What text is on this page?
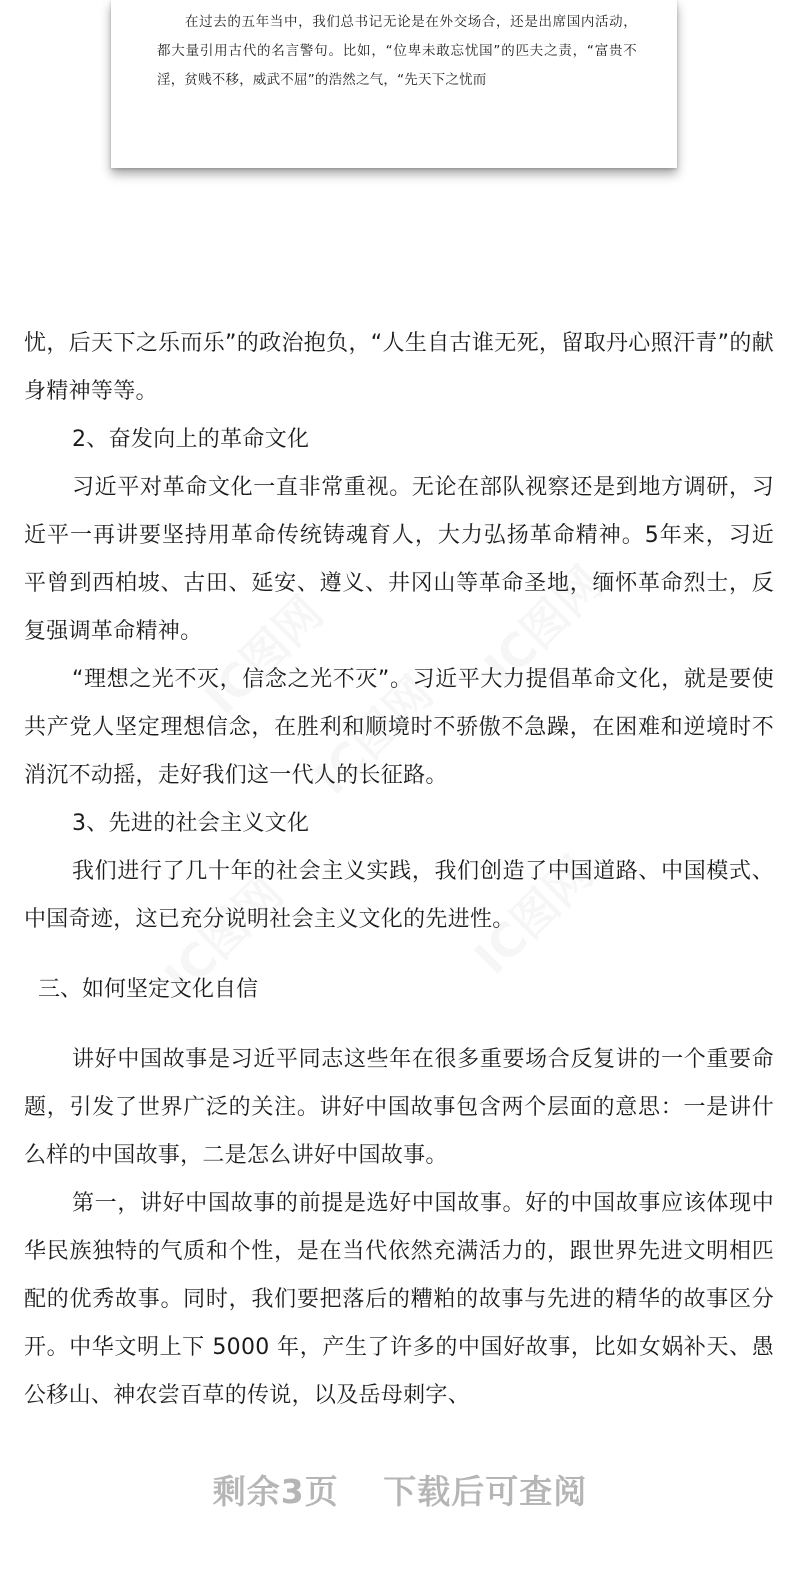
在过去的五年当中，我们总书记无论是在外交场合，还是出席国内活动，都大量引用古代的名言警句。比如，“位卑未敢忘忧国”的匹夫之责，“富贵不淫，贫贱不移，威武不屈”的浩然之气，“先天下之忧而

忧，后天下之乐而乐”的政治抱负，“人生自古谁无死，留取丹心照汗青”的献身精神等等。

2、奋发向上的革命文化

习近平对革命文化一直非常重视。无论在部队视察还是到地方调研，习近平一再讲要坚持用革命传统铸魂育人，大力弘扬革命精神。5年来，习近平曾到西柏坡、古田、延安、遵义、井冈山等革命圣地，缅怀革命烈士，反复强调革命精神。

“理想之光不灭，信念之光不灭”。习近平大力提倡革命文化，就是要使共产党人坚定理想信念，在胜利和顺境时不骄傲不急躁，在困难和逆境时不消沉不动摇，走好我们这一代人的长征路。

3、先进的社会主义文化

我们进行了几十年的社会主义实践，我们创造了中国道路、中国模式、中国奇迹，这已充分说明社会主义文化的先进性。

三、如何坚定文化自信

讲好中国故事是习近平同志这些年在很多重要场合反复讲的一个重要命题，引发了世界广泛的关注。讲好中国故事包含两个层面的意思：一是讲什么样的中国故事，二是怎么讲好中国故事。

第一，讲好中国故事的前提是选好中国故事。好的中国故事应该体现中华民族独特的气质和个性，是在当代依然充满活力的，跟世界先进文明相匹配的优秀故事。同时，我们要把落后的糟粕的故事与先进的精华的故事区分开。中华文明上下 5000 年，产生了许多的中国好故事，比如女娲补天、愚公移山、神农尝百草的传说，以及岳母刺字、

剩余3页 下载后可查阅
